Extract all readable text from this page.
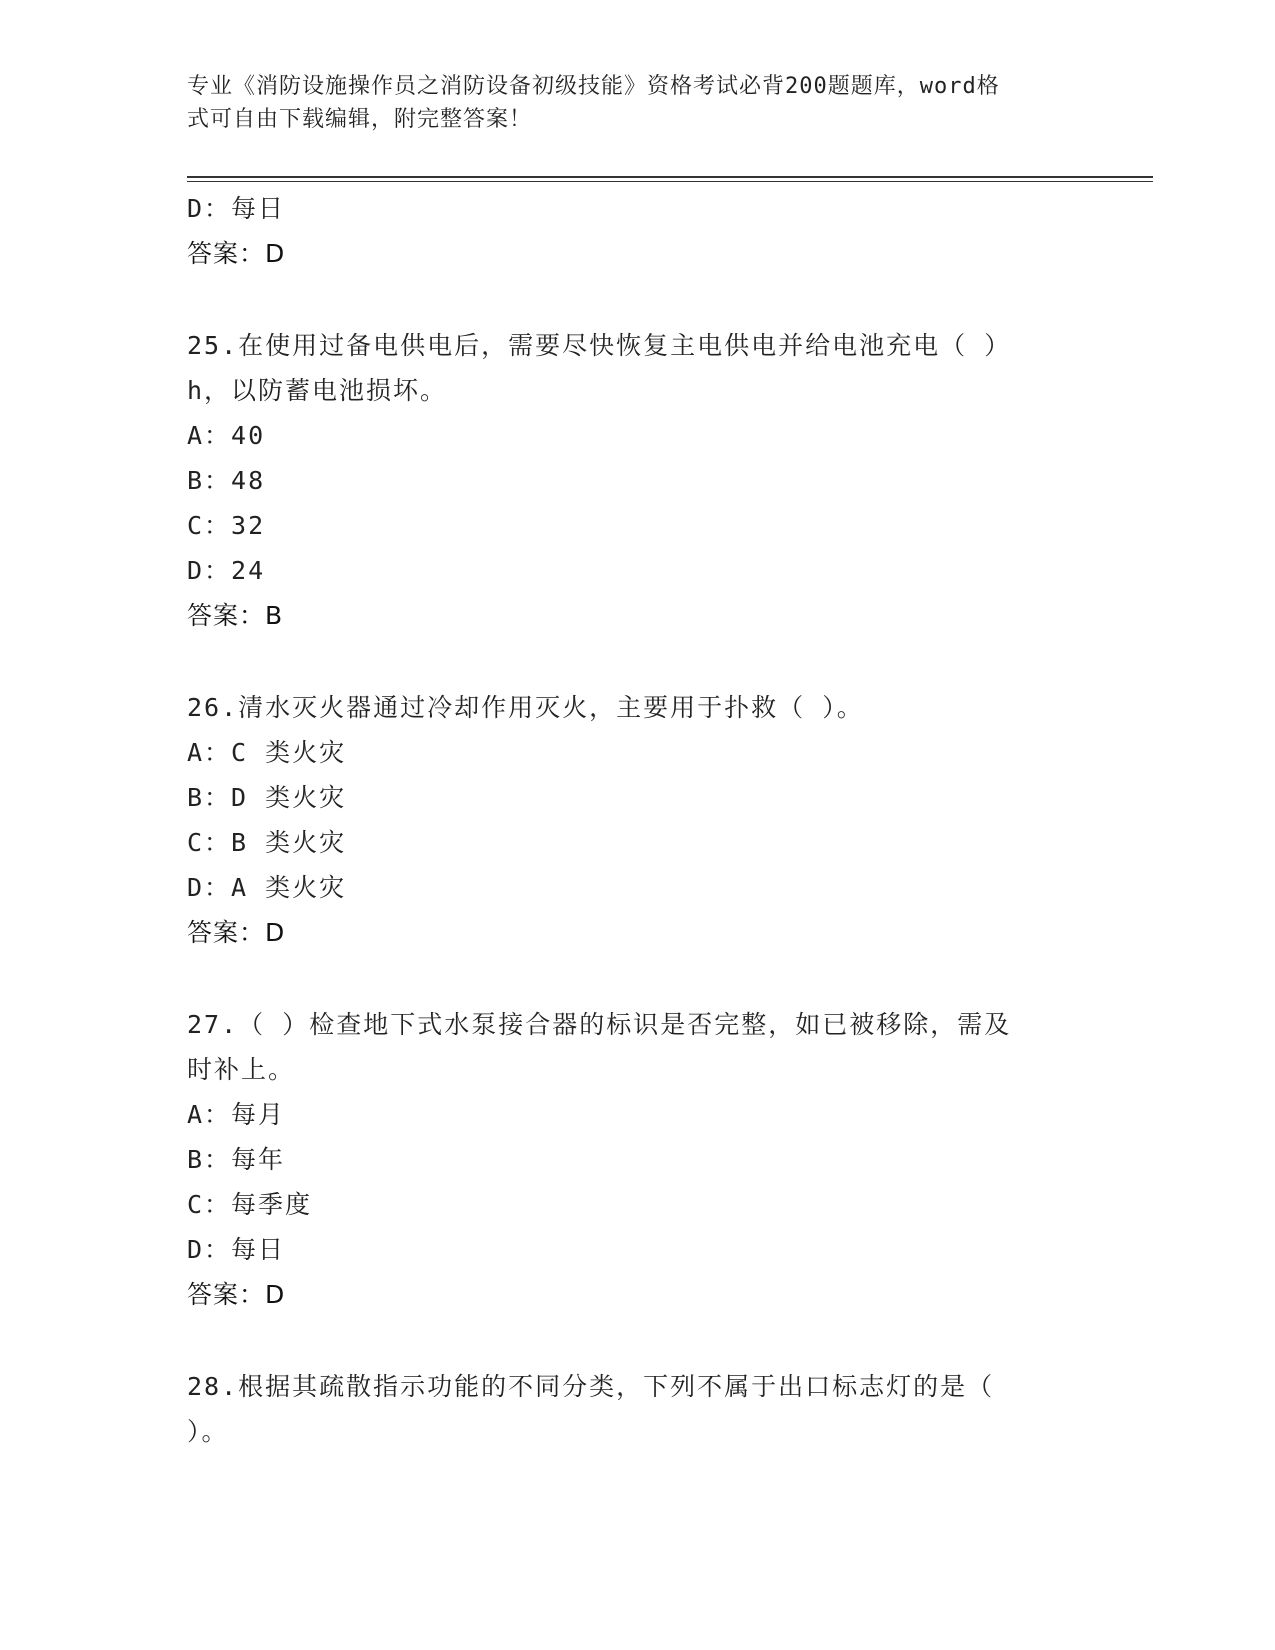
专业《消防设施操作员之消防设备初级技能》资格考试必背200题题库，word格
式可自由下载编辑，附完整答案！
D：每日
答案：D
25.在使用过备电供电后，需要尽快恢复主电供电并给电池充电（ ）
h，以防蓄电池损坏。
A：40
B：48
C：32
D：24
答案：B
26.清水灭火器通过冷却作用灭火，主要用于扑救（ ）。
A：C 类火灾
B：D 类火灾
C：B 类火灾
D：A 类火灾
答案：D
27.（ ）检查地下式水泵接合器的标识是否完整，如已被移除，需及
时补上。
A：每月
B：每年
C：每季度
D：每日
答案：D
28.根据其疏散指示功能的不同分类，下列不属于出口标志灯的是（
）。
